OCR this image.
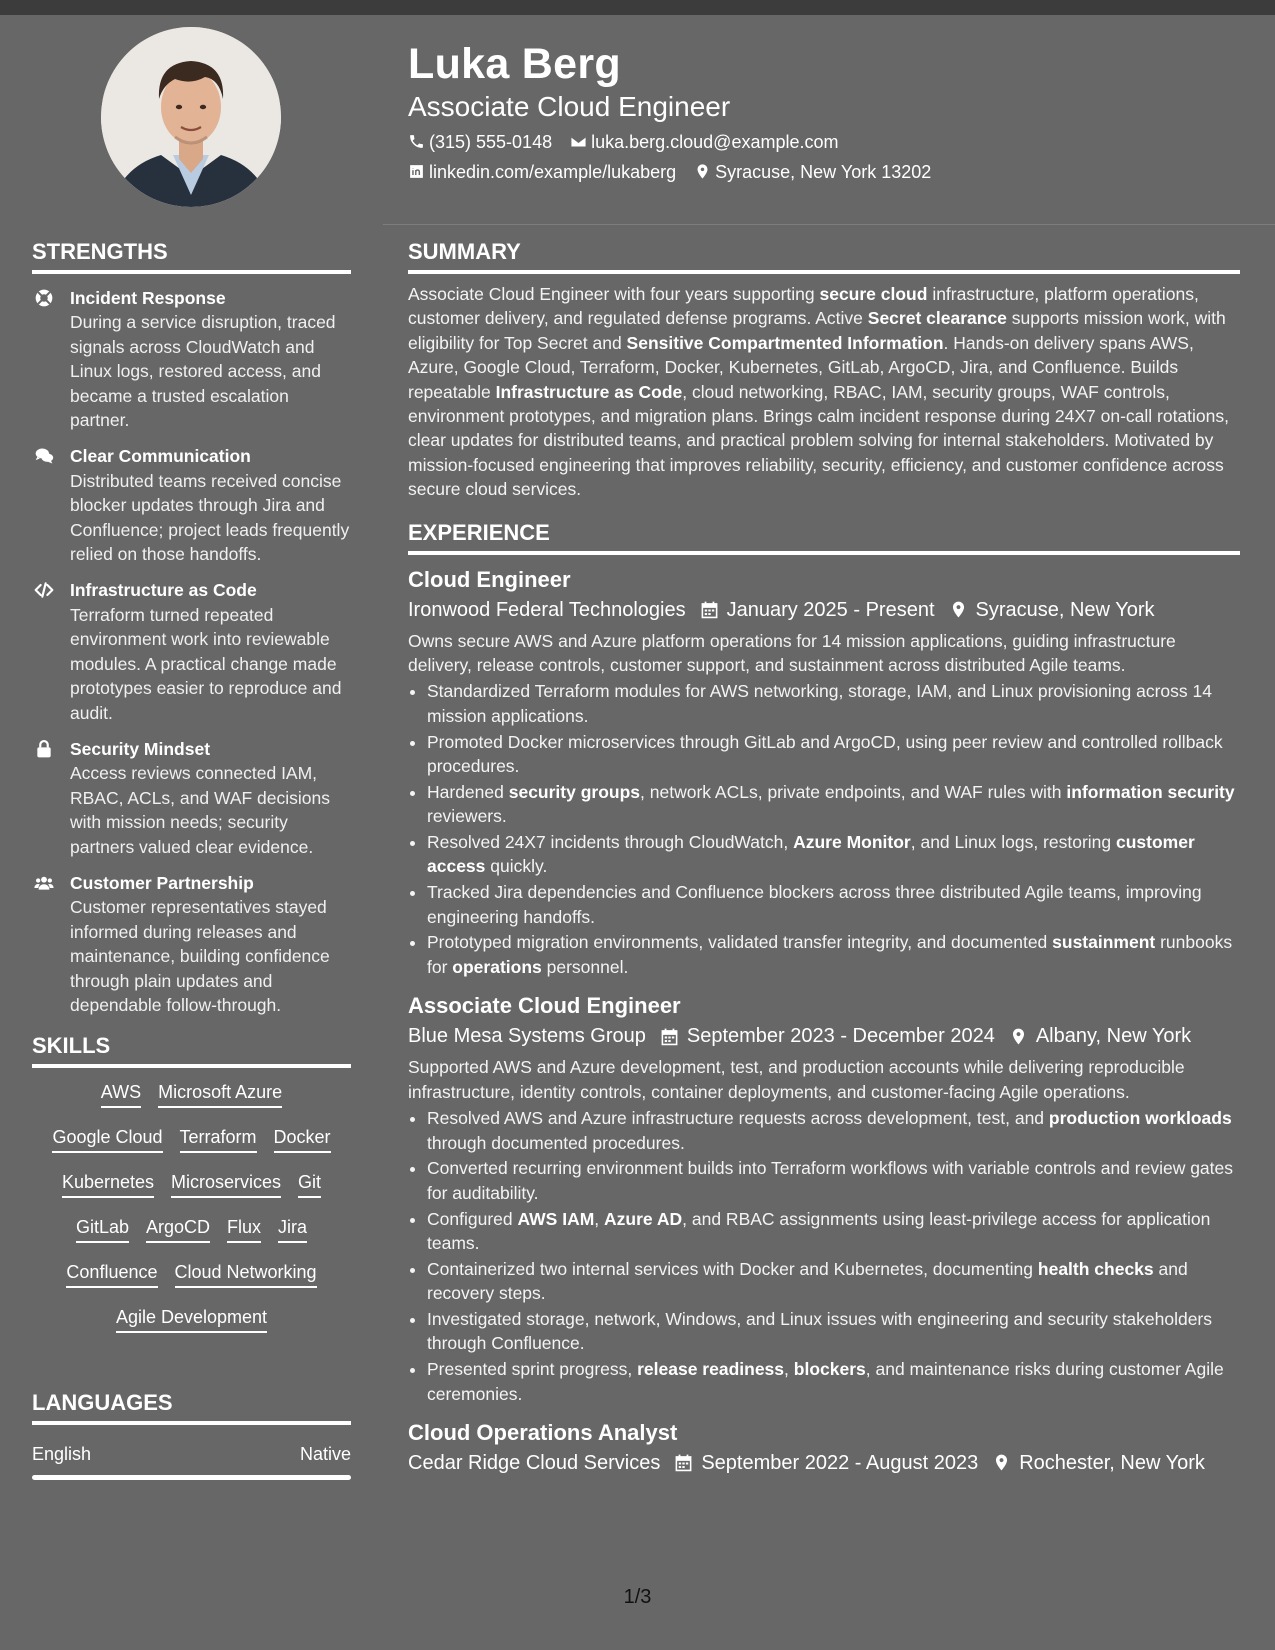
Luka Berg
Associate Cloud Engineer
(315) 555-0148 luka.berg.cloud@example.com
linkedin.com/example/lukaberg Syracuse, New York 13202
STRENGTHS
Incident Response
During a service disruption, traced signals across CloudWatch and Linux logs, restored access, and became a trusted escalation partner.
Clear Communication
Distributed teams received concise blocker updates through Jira and Confluence; project leads frequently relied on those handoffs.
Infrastructure as Code
Terraform turned repeated environment work into reviewable modules. A practical change made prototypes easier to reproduce and audit.
Security Mindset
Access reviews connected IAM, RBAC, ACLs, and WAF decisions with mission needs; security partners valued clear evidence.
Customer Partnership
Customer representatives stayed informed during releases and maintenance, building confidence through plain updates and dependable follow-through.
SKILLS
AWS Microsoft Azure
Google Cloud Terraform Docker
Kubernetes Microservices Git
GitLab ArgoCD Flux Jira
Confluence Cloud Networking
Agile Development
LANGUAGES
English	Native
SUMMARY
Associate Cloud Engineer with four years supporting secure cloud infrastructure, platform operations, customer delivery, and regulated defense programs. Active Secret clearance supports mission work, with eligibility for Top Secret and Sensitive Compartmented Information. Hands-on delivery spans AWS, Azure, Google Cloud, Terraform, Docker, Kubernetes, GitLab, ArgoCD, Jira, and Confluence. Builds repeatable Infrastructure as Code, cloud networking, RBAC, IAM, security groups, WAF controls, environment prototypes, and migration plans. Brings calm incident response during 24X7 on-call rotations, clear updates for distributed teams, and practical problem solving for internal stakeholders. Motivated by mission-focused engineering that improves reliability, security, efficiency, and customer confidence across secure cloud services.
EXPERIENCE
Cloud Engineer
Ironwood Federal Technologies January 2025 - Present Syracuse, New York
Owns secure AWS and Azure platform operations for 14 mission applications, guiding infrastructure delivery, release controls, customer support, and sustainment across distributed Agile teams.
• Standardized Terraform modules for AWS networking, storage, IAM, and Linux provisioning across 14 mission applications.
• Promoted Docker microservices through GitLab and ArgoCD, using peer review and controlled rollback procedures.
• Hardened security groups, network ACLs, private endpoints, and WAF rules with information security reviewers.
• Resolved 24X7 incidents through CloudWatch, Azure Monitor, and Linux logs, restoring customer access quickly.
• Tracked Jira dependencies and Confluence blockers across three distributed Agile teams, improving engineering handoffs.
• Prototyped migration environments, validated transfer integrity, and documented sustainment runbooks for operations personnel.
Associate Cloud Engineer
Blue Mesa Systems Group September 2023 - December 2024 Albany, New York
Supported AWS and Azure development, test, and production accounts while delivering reproducible infrastructure, identity controls, container deployments, and customer-facing Agile operations.
• Resolved AWS and Azure infrastructure requests across development, test, and production workloads through documented procedures.
• Converted recurring environment builds into Terraform workflows with variable controls and review gates for auditability.
• Configured AWS IAM, Azure AD, and RBAC assignments using least-privilege access for application teams.
• Containerized two internal services with Docker and Kubernetes, documenting health checks and recovery steps.
• Investigated storage, network, Windows, and Linux issues with engineering and security stakeholders through Confluence.
• Presented sprint progress, release readiness, blockers, and maintenance risks during customer Agile ceremonies.
Cloud Operations Analyst
Cedar Ridge Cloud Services September 2022 - August 2023 Rochester, New York
1/3
